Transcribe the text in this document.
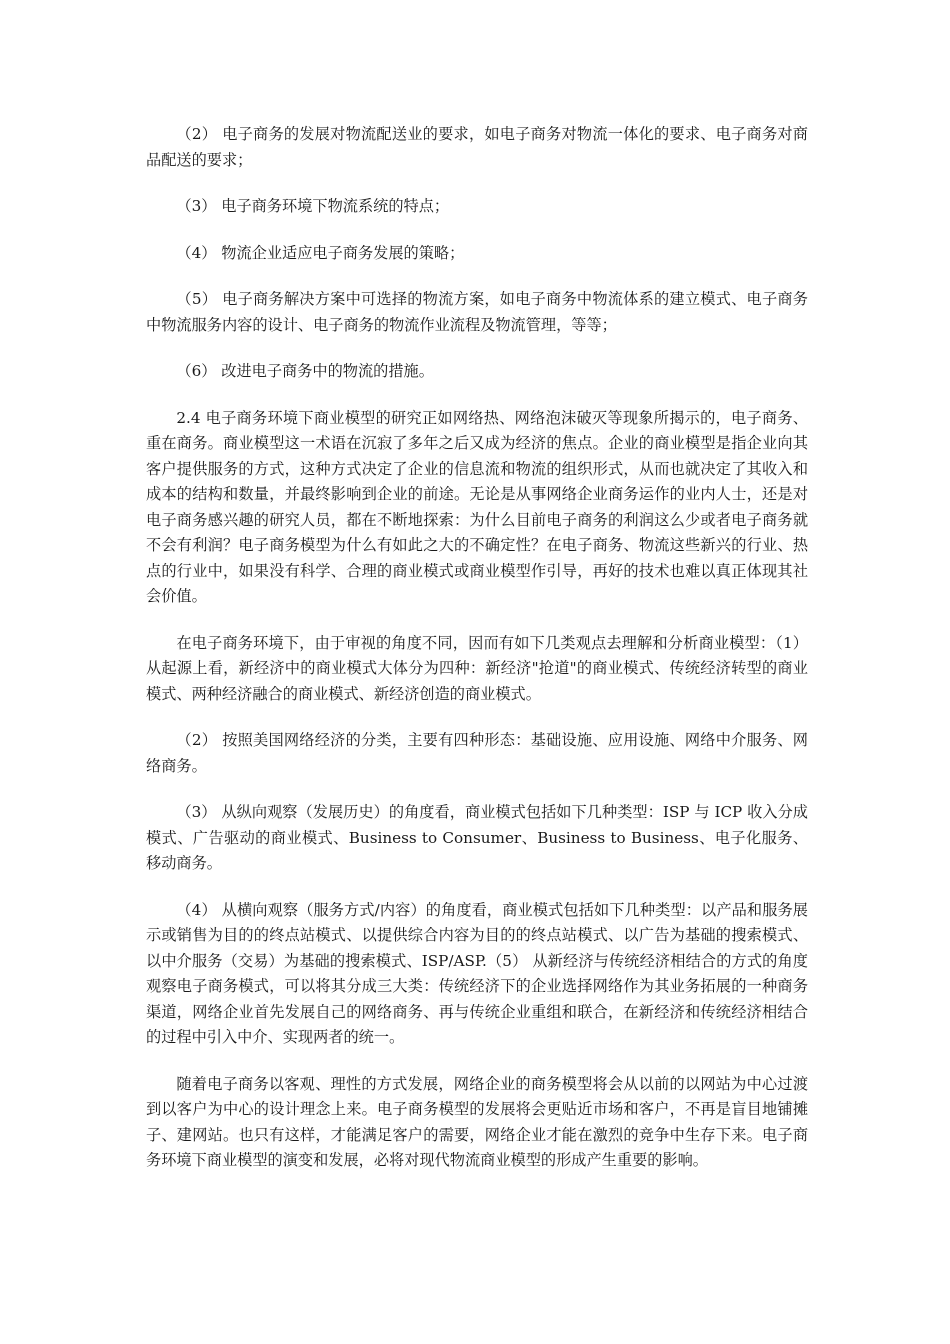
（2） 电子商务的发展对物流配送业的要求，如电子商务对物流一体化的要求、电子商务对商品配送的要求；

（3） 电子商务环境下物流系统的特点；

（4） 物流企业适应电子商务发展的策略；

（5） 电子商务解决方案中可选择的物流方案，如电子商务中物流体系的建立模式、电子商务中物流服务内容的设计、电子商务的物流作业流程及物流管理，等等；

（6） 改进电子商务中的物流的措施。

2.4 电子商务环境下商业模型的研究正如网络热、网络泡沫破灭等现象所揭示的，电子商务、重在商务。商业模型这一术语在沉寂了多年之后又成为经济的焦点。企业的商业模型是指企业向其客户提供服务的方式，这种方式决定了企业的信息流和物流的组织形式，从而也就决定了其收入和成本的结构和数量，并最终影响到企业的前途。无论是从事网络企业商务运作的业内人士，还是对电子商务感兴趣的研究人员，都在不断地探索：为什么目前电子商务的利润这么少或者电子商务就不会有利润？电子商务模型为什么有如此之大的不确定性？在电子商务、物流这些新兴的行业、热点的行业中，如果没有科学、合理的商业模式或商业模型作引导，再好的技术也难以真正体现其社会价值。

在电子商务环境下，由于审视的角度不同，因而有如下几类观点去理解和分析商业模型：（1） 从起源上看，新经济中的商业模式大体分为四种：新经济"抢道"的商业模式、传统经济转型的商业模式、两种经济融合的商业模式、新经济创造的商业模式。

（2） 按照美国网络经济的分类，主要有四种形态：基础设施、应用设施、网络中介服务、网络商务。

（3） 从纵向观察（发展历史）的角度看，商业模式包括如下几种类型：ISP 与 ICP 收入分成模式、广告驱动的商业模式、Business to Consumer、Business to Business、电子化服务、移动商务。

（4） 从横向观察（服务方式/内容）的角度看，商业模式包括如下几种类型：以产品和服务展示或销售为目的的终点站模式、以提供综合内容为目的的终点站模式、以广告为基础的搜索模式、以中介服务（交易）为基础的搜索模式、ISP/ASP.（5） 从新经济与传统经济相结合的方式的角度观察电子商务模式，可以将其分成三大类：传统经济下的企业选择网络作为其业务拓展的一种商务渠道，网络企业首先发展自己的网络商务、再与传统企业重组和联合，在新经济和传统经济相结合的过程中引入中介、实现两者的统一。

随着电子商务以客观、理性的方式发展，网络企业的商务模型将会从以前的以网站为中心过渡到以客户为中心的设计理念上来。电子商务模型的发展将会更贴近市场和客户，不再是盲目地铺摊子、建网站。也只有这样，才能满足客户的需要，网络企业才能在激烈的竞争中生存下来。电子商务环境下商业模型的演变和发展，必将对现代物流商业模型的形成产生重要的影响。
